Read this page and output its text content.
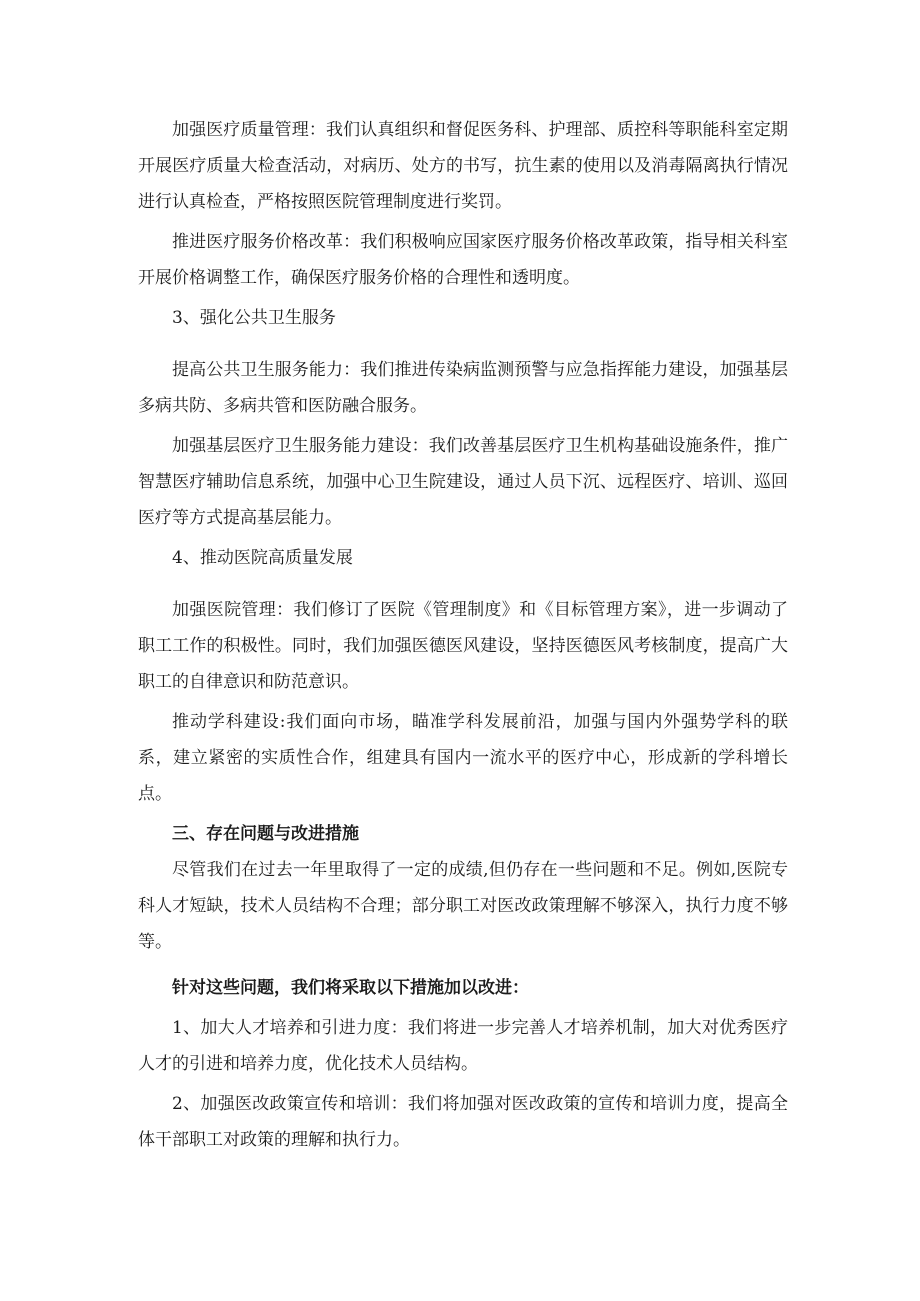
加强医疗质量管理：我们认真组织和督促医务科、护理部、质控科等职能科室定期开展医疗质量大检查活动，对病历、处方的书写，抗生素的使用以及消毒隔离执行情况进行认真检查，严格按照医院管理制度进行奖罚。

推进医疗服务价格改革：我们积极响应国家医疗服务价格改革政策，指导相关科室开展价格调整工作，确保医疗服务价格的合理性和透明度。

3、强化公共卫生服务

提高公共卫生服务能力：我们推进传染病监测预警与应急指挥能力建设，加强基层多病共防、多病共管和医防融合服务。

加强基层医疗卫生服务能力建设：我们改善基层医疗卫生机构基础设施条件，推广智慧医疗辅助信息系统，加强中心卫生院建设，通过人员下沉、远程医疗、培训、巡回医疗等方式提高基层能力。

4、推动医院高质量发展

加强医院管理：我们修订了医院《管理制度》和《目标管理方案》，进一步调动了职工工作的积极性。同时，我们加强医德医风建设，坚持医德医风考核制度，提高广大职工的自律意识和防范意识。

推动学科建设:我们面向市场，瞄准学科发展前沿，加强与国内外强势学科的联系，建立紧密的实质性合作，组建具有国内一流水平的医疗中心，形成新的学科增长点。

三、存在问题与改进措施

尽管我们在过去一年里取得了一定的成绩,但仍存在一些问题和不足。例如,医院专科人才短缺，技术人员结构不合理；部分职工对医改政策理解不够深入，执行力度不够等。

针对这些问题，我们将采取以下措施加以改进：

1、加大人才培养和引进力度：我们将进一步完善人才培养机制，加大对优秀医疗人才的引进和培养力度，优化技术人员结构。

2、加强医改政策宣传和培训：我们将加强对医改政策的宣传和培训力度，提高全体干部职工对政策的理解和执行力。
